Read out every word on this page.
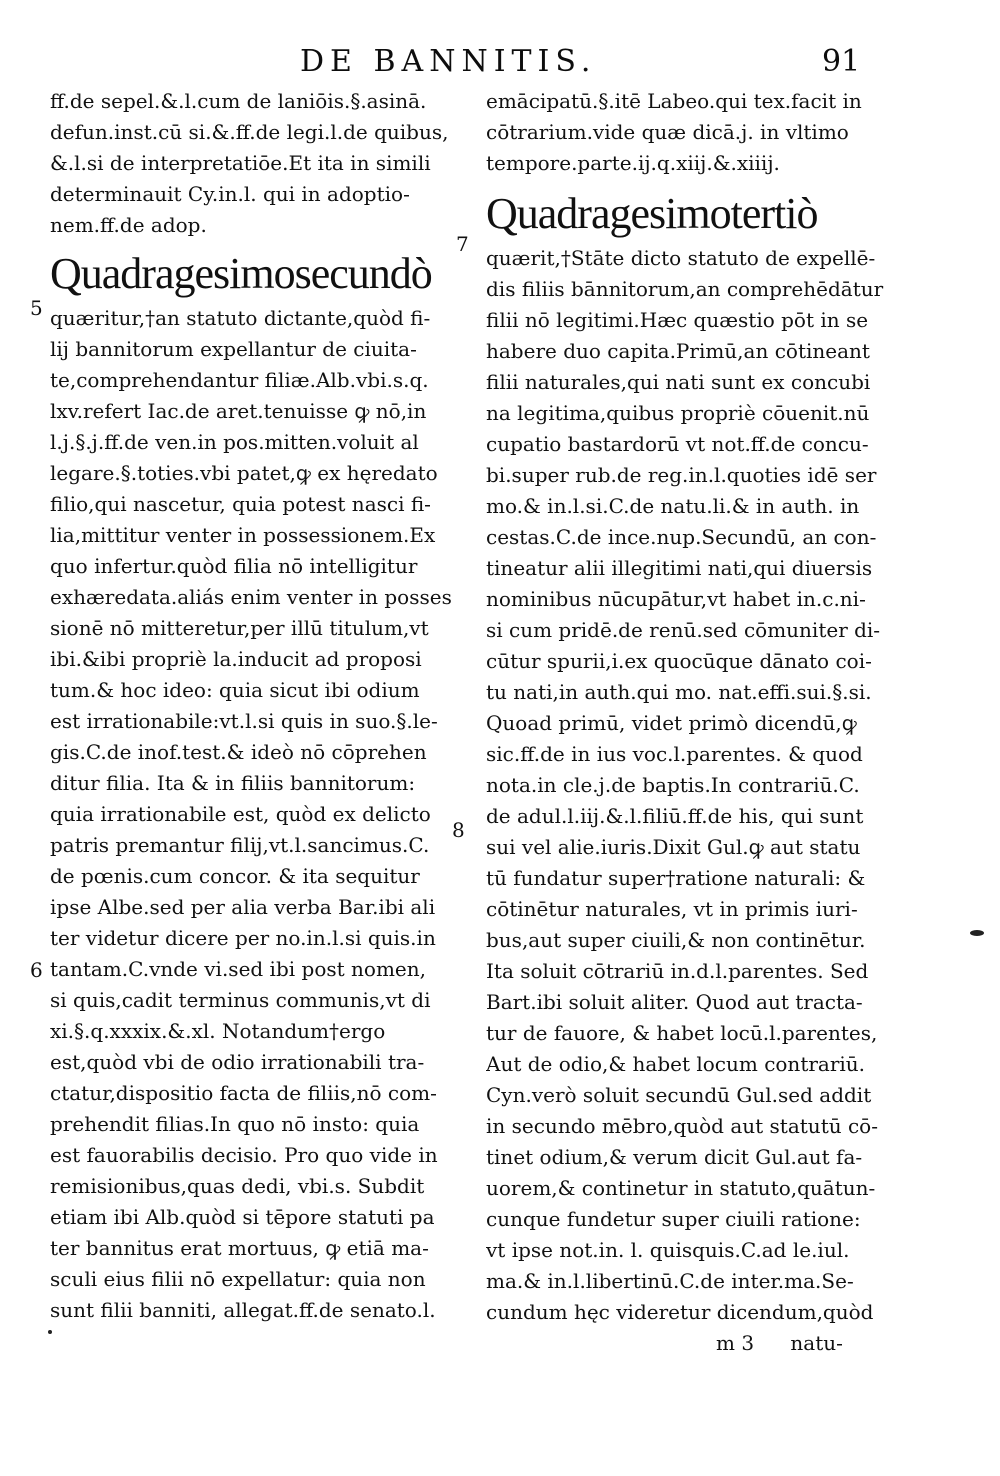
DE BANNITIS.	91
ff.de sepel.&.l.cum de laniōis.§.asinā.
defun.inst.cū si.&.ff.de legi.l.de quibus,
&.l.si de interpretatiōe.Et ita in simili
determinauit Cy.in.l. qui in adoptio-
nem.ff.de adop.
Quadragesimosecundò
quæritur,†an statuto dictante,quòd fi-
lij bannitorum expellantur de ciuita-
te,comprehendantur filiæ.Alb.vbi.s.q.
lxv.refert Iac.de aret.tenuisse ꝙ nō,in
l.j.§.j.ff.de ven.in pos.mitten.voluit al
legare.§.toties.vbi patet,ꝙ ex hęredato
filio,qui nascetur, quia potest nasci fi-
lia,mittitur venter in possessionem.Ex
quo infertur.quòd filia nō intelligitur
exhæredata.aliás enim venter in posses
sionē nō mitteretur,per illū titulum,vt
ibi.&ibi propriè la.inducit ad proposi
tum.& hoc ideo: quia sicut ibi odium
est irrationabile:vt.l.si quis in suo.§.le-
gis.C.de inof.test.& ideò nō cōprehen
ditur filia. Ita & in filiis bannitorum:
quia irrationabile est, quòd ex delicto
patris premantur filij,vt.l.sancimus.C.
de pœnis.cum concor. & ita sequitur
ipse Albe.sed per alia verba Bar.ibi ali
ter videtur dicere per no.in.l.si quis.in
tantam.C.vnde vi.sed ibi post nomen,
si quis,cadit terminus communis,vt di
xi.§.q.xxxix.&.xl. Notandum†ergo
est,quòd vbi de odio irrationabili tra-
ctatur,dispositio facta de filiis,nō com-
prehendit filias.In quo nō insto: quia
est fauorabilis decisio. Pro quo vide in
remisionibus,quas dedi, vbi.s. Subdit
etiam ibi Alb.quòd si tēpore statuti pa
ter bannitus erat mortuus, ꝙ etiā ma-
sculi eius filii nō expellatur: quia non
sunt filii banniti, allegat.ff.de senato.l.
emācipatū.§.itē Labeo.qui tex.facit in
cōtrarium.vide quæ dicā.j. in vltimo
tempore.parte.ij.q.xiij.&.xiiij.
Quadragesimotertiò
quærit,†Stāte dicto statuto de expellē-
dis filiis bānnitorum,an comprehēdātur
filii nō legitimi.Hæc quæstio pōt in se
habere duo capita.Primū,an cōtineant
filii naturales,qui nati sunt ex concubi
na legitima,quibus propriè cōuenit.nū
cupatio bastardorū vt not.ff.de concu-
bi.super rub.de reg.in.l.quoties idē ser
mo.& in.l.si.C.de natu.li.& in auth. in
cestas.C.de ince.nup.Secundū, an con-
tineatur alii illegitimi nati,qui diuersis
nominibus nūcupātur,vt habet in.c.ni-
si cum pridē.de renū.sed cōmuniter di-
cūtur spurii,i.ex quocūque dānato coi-
tu nati,in auth.qui mo. nat.effi.sui.§.si.
Quoad primū, videt primò dicendū,ꝙ
sic.ff.de in ius voc.l.parentes. & quod
nota.in cle.j.de baptis.In contrariū.C.
de adul.l.iij.&.l.filiū.ff.de his, qui sunt
sui vel alie.iuris.Dixit Gul.ꝙ aut statu
tū fundatur super†ratione naturali: &
cōtinētur naturales, vt in primis iuri-
bus,aut super ciuili,& non continētur.
Ita soluit cōtrariū in.d.l.parentes. Sed
Bart.ibi soluit aliter. Quod aut tracta-
tur de fauore, & habet locū.l.parentes,
Aut de odio,& habet locum contrariū.
Cyn.verò soluit secundū Gul.sed addit
in secundo mēbro,quòd aut statutū cō-
tinet odium,& verum dicit Gul.aut fa-
uorem,& continetur in statuto,quātun-
cunque fundetur super ciuili ratione:
vt ipse not.in. l. quisquis.C.ad le.iul.
ma.& in.l.libertinū.C.de inter.ma.Se-
cundum hęc videretur dicendum,quòd
m 3 natu-
5
6
7
8
